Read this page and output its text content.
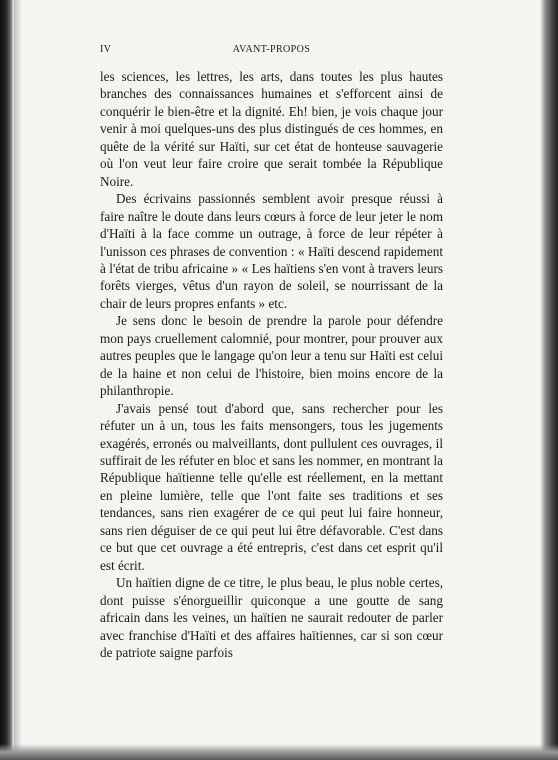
IV	AVANT-PROPOS

les sciences, les lettres, les arts, dans toutes les plus hautes branches des connaissances humaines et s'efforcent ainsi de conquérir le bien-être et la dignité. Eh! bien, je vois chaque jour venir à moi quelques-uns des plus distingués de ces hommes, en quête de la vérité sur Haïti, sur cet état de honteuse sauvagerie où l'on veut leur faire croire que serait tombée la République Noire.

Des écrivains passionnés semblent avoir presque réussi à faire naître le doute dans leurs cœurs à force de leur jeter le nom d'Haïti à la face comme un outrage, à force de leur répéter à l'unisson ces phrases de convention : « Haïti descend rapidement à l'état de tribu africaine » « Les haïtiens s'en vont à travers leurs forêts vierges, vêtus d'un rayon de soleil, se nourrissant de la chair de leurs propres enfants » etc.

Je sens donc le besoin de prendre la parole pour défendre mon pays cruellement calomnié, pour montrer, pour prouver aux autres peuples que le langage qu'on leur a tenu sur Haïti est celui de la haine et non celui de l'histoire, bien moins encore de la philanthropie.

J'avais pensé tout d'abord que, sans rechercher pour les réfuter un à un, tous les faits mensongers, tous les jugements exagérés, erronés ou malveillants, dont pullulent ces ouvrages, il suffirait de les réfuter en bloc et sans les nommer, en montrant la République haïtienne telle qu'elle est réellement, en la mettant en pleine lumière, telle que l'ont faite ses traditions et ses tendances, sans rien exagérer de ce qui peut lui faire honneur, sans rien déguiser de ce qui peut lui être défavorable. C'est dans ce but que cet ouvrage a été entrepris, c'est dans cet esprit qu'il est écrit.

Un haïtien digne de ce titre, le plus beau, le plus noble certes, dont puisse s'énorgueillir quiconque a une goutte de sang africain dans les veines, un haïtien ne saurait redouter de parler avec franchise d'Haïti et des affaires haïtiennes, car si son cœur de patriote saigne parfois
